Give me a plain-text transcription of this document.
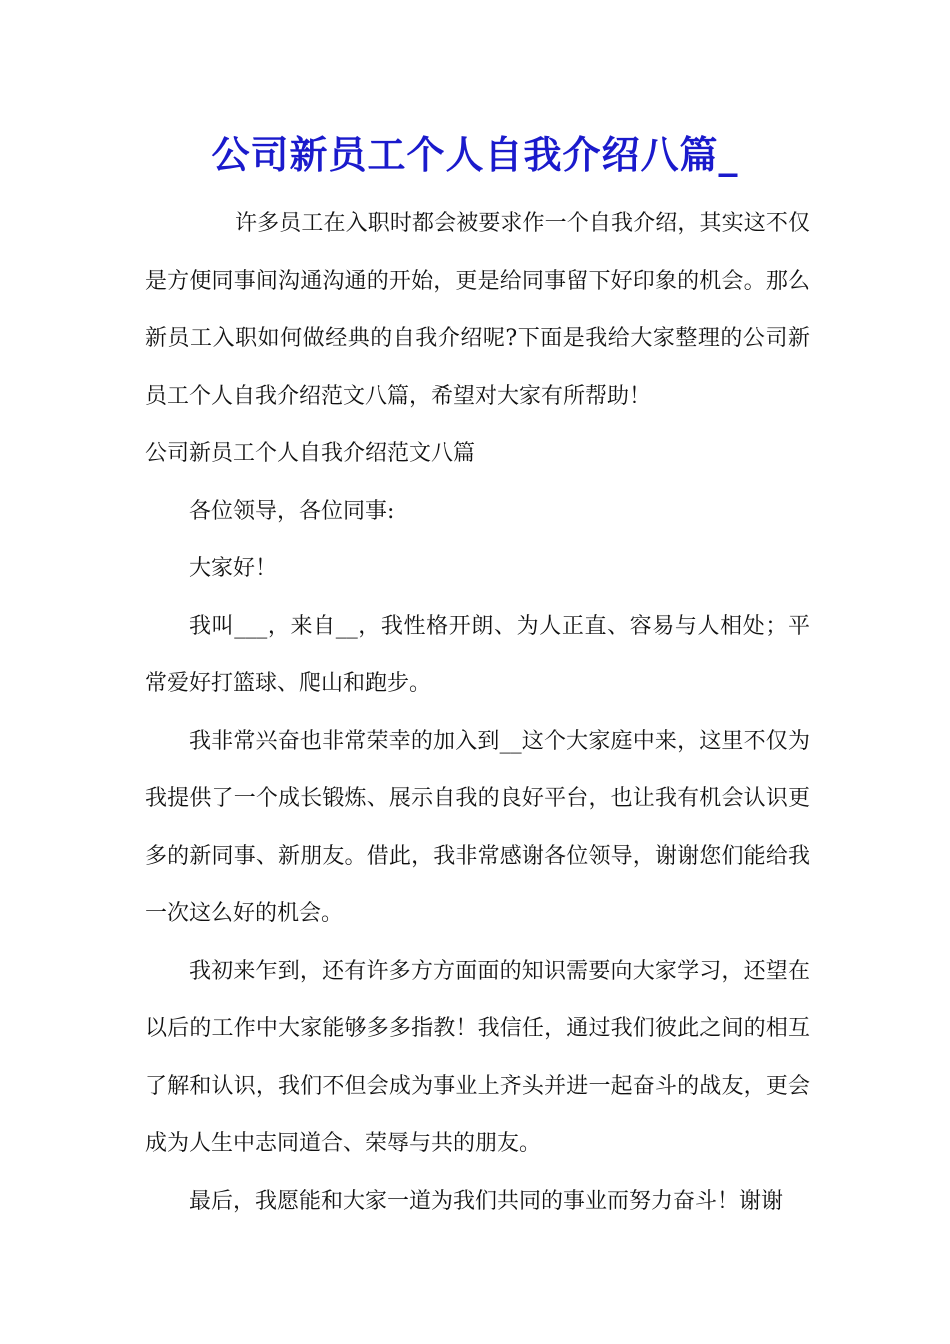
公司新员工个人自我介绍八篇_

许多员工在入职时都会被要求作一个自我介绍，其实这不仅是方便同事间沟通沟通的开始，更是给同事留下好印象的机会。那么新员工入职如何做经典的自我介绍呢?下面是我给大家整理的公司新员工个人自我介绍范文八篇，希望对大家有所帮助！

公司新员工个人自我介绍范文八篇

各位领导，各位同事:

大家好！

我叫___，来自__，我性格开朗、为人正直、容易与人相处；平常爱好打篮球、爬山和跑步。

我非常兴奋也非常荣幸的加入到__这个大家庭中来，这里不仅为我提供了一个成长锻炼、展示自我的良好平台，也让我有机会认识更多的新同事、新朋友。借此，我非常感谢各位领导，谢谢您们能给我一次这么好的机会。

我初来乍到，还有许多方方面面的知识需要向大家学习，还望在以后的工作中大家能够多多指教！我信任，通过我们彼此之间的相互了解和认识，我们不但会成为事业上齐头并进一起奋斗的战友，更会成为人生中志同道合、荣辱与共的朋友。

最后，我愿能和大家一道为我们共同的事业而努力奋斗！谢谢
